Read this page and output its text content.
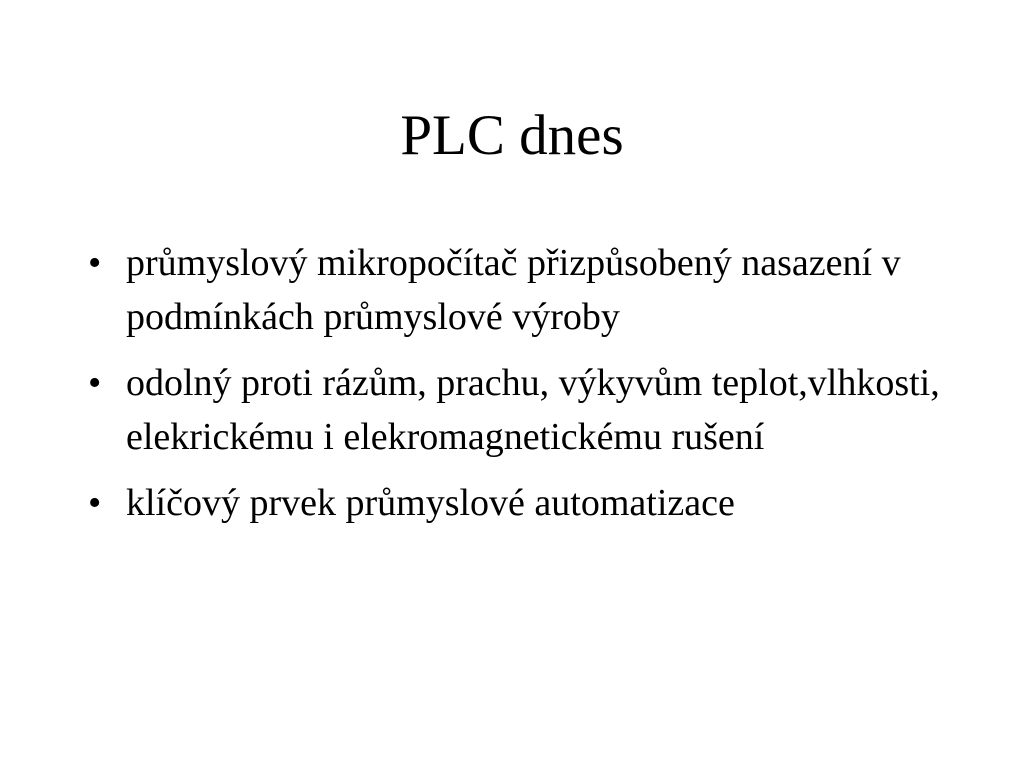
PLC dnes
• průmyslový mikropočítač přizpůsobený nasazení v podmínkách průmyslové výroby
• odolný proti rázům, prachu, výkyvům teplot,vlhkosti, elekrickému i elekromagnetickému rušení
• klíčový prvek průmyslové automatizace
